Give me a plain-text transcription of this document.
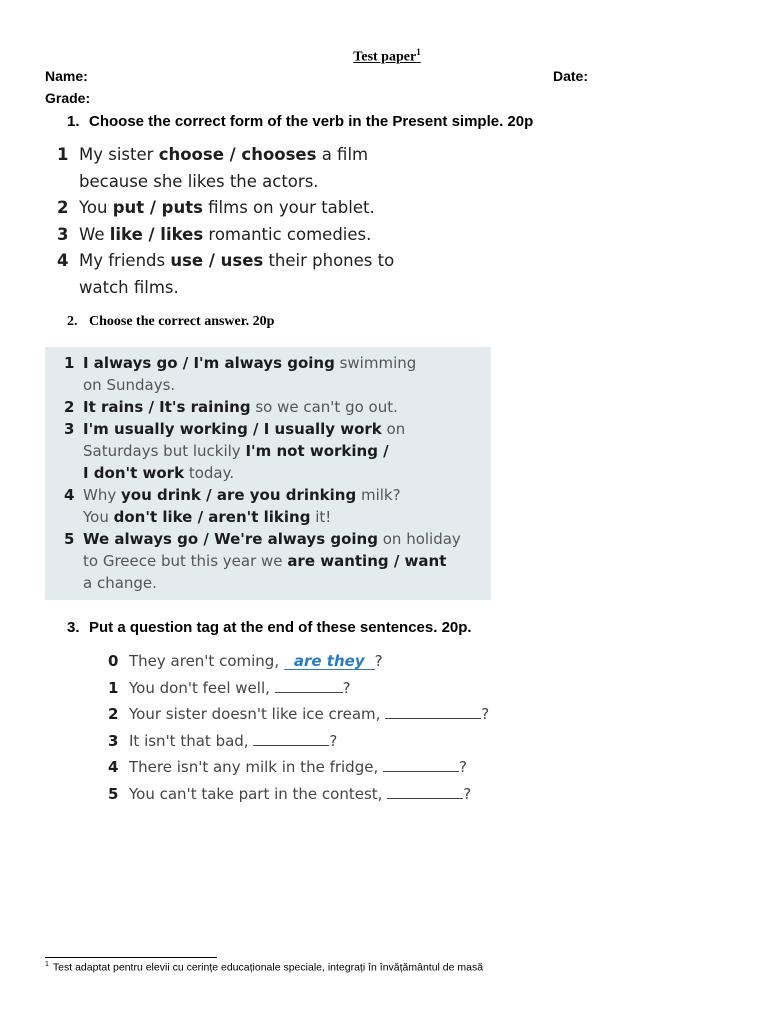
Test paper$^1$
Name:	Date:
Grade:
1. Choose the correct form of the verb in the Present simple. 20p
1 My sister choose / chooses a film
because she likes the actors.
2 You put / puts films on your tablet.
3 We like / likes romantic comedies.
4 My friends use / uses their phones to
watch films.
2. Choose the correct answer. 20p
1 I always go / I'm always going swimming
on Sundays.
2 It rains / It's raining so we can't go out.
3 I'm usually working / I usually work on
Saturdays but luckily I'm not working /
I don't work today.
4 Why you drink / are you drinking milk?
You don't like / aren't liking it!
5 We always go / We're always going on holiday
to Greece but this year we are wanting / want
a change.
3. Put a question tag at the end of these sentences. 20p.
0 They aren't coming, are they ?
1 You don't feel well,	?
2 Your sister doesn't like ice cream,	?
3 It isn't that bad,	?
4 There isn't any milk in the fridge,	?
5 You can't take part in the contest,	?
$^1$ Test adaptat pentru elevii cu cerințe educaționale speciale, integrați în învățământul de masă
